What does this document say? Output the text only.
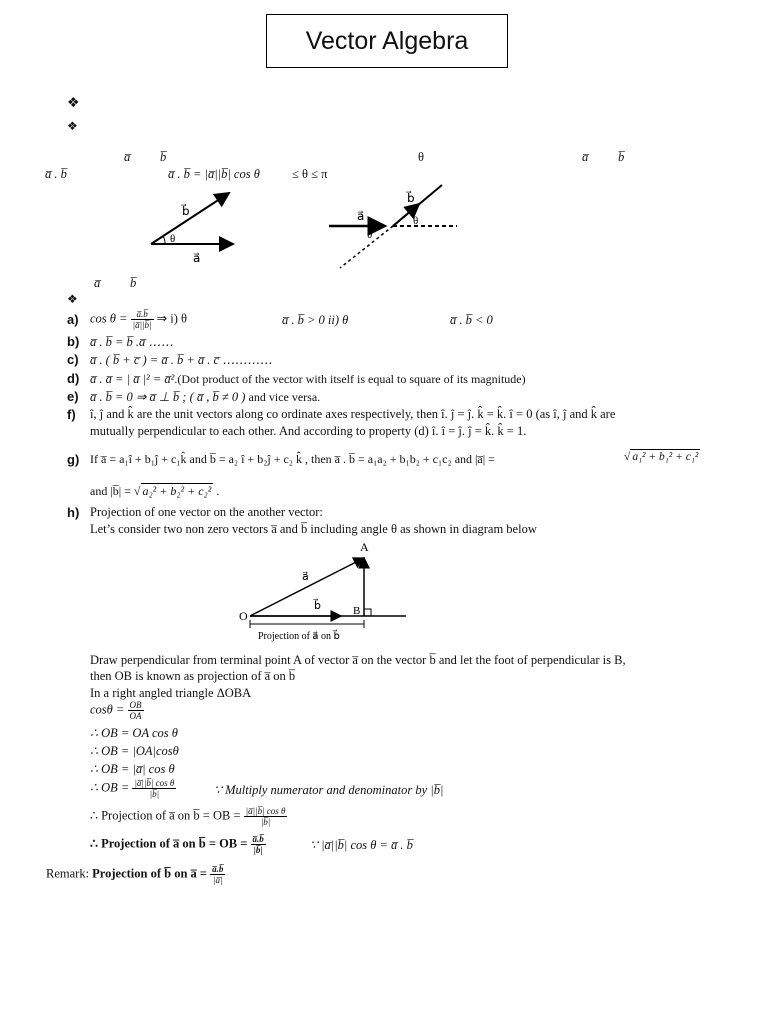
Vector Algebra
❖
❖
a̅ b̅	θ	a̅ b̅
a̅ . b̅	a̅ . b̅ = |a̅||b̅| cos θ	≤ θ ≤ π
b⃗
a⃗
θ
a⃗
b⃗
θ
θ
a̅ b̅
❖
a) $\cos \theta = \frac{a̅.b̅}{|a̅||b̅|}$ ⇒ i) θ	a̅ . b̅ > 0 ii) θ	a̅ . b̅ < 0
b) a̅ . b̅ = b̅ .a̅ ‥‥‥
c) a̅ . ( b̅ + c̅ ) = a̅ . b̅ + a̅ . c̅ ‥‥‥‥‥‥
d) a̅ . a̅ = | a̅ |² = a̅².(Dot product of the vector with itself is equal to square of its magnitude)
e) a̅ . b̅ = 0 ⇒ a̅ ⊥ b̅ ; ( a̅ , b̅ ≠ 0 ) and vice versa.
f) î, ĵ and k̂ are the unit vectors along co ordinate axes respectively, then î. ĵ = ĵ. k̂ = k̂. î = 0 (as î, ĵ and k̂ are
mutually perpendicular to each other. And according to property (d) î. î = ĵ. ĵ = k̂. k̂ = 1.
g) If a̅ = a₁î + b₁ĵ + c₁k̂ and b̅ = a₂ î + b₂ĵ + c₂ k̂ , then a̅ . b̅ = a₁a₂ + b₁b₂ + c₁c₂ and |a̅| =	√ a₁² + b₁² + c₁²
and |b̅| = √ a₂² + b₂² + c₂² .
h) Projection of one vector on the another vector:
Let’s consider two non zero vectors a̅ and b̅ including angle θ as shown in diagram below
A
O	B
a⃗
b⃗
Projection of a⃗ on b⃗
Draw perpendicular from terminal point A of vector a̅ on the vector b̅ and let the foot of perpendicular is B,
then OB is known as projection of a̅ on b̅
In a right angled triangle ΔOBA
$\cos\theta = \frac{OB}{OA}$
∴ OB = OA cos θ
∴ OB = |OA|cosθ
∴ OB = |a̅| cos θ
∴ OB = $\frac{\text{|a̅||b̅| cos θ}}{|b̅|}$	∵ Multiply numerator and denominator by |b̅|
∴ Projection of a̅ on b̅ = OB = $\frac{\text{|a̅||b̅| cos θ}}{|b̅|}$
∴ Projection of a̅ on b̅ = OB = $\frac{a̅.b̅}{|b̅|}$	∵ |a̅||b̅| cos θ = a̅ . b̅
Remark: Projection of b̅ on a̅ = $\frac{a̅.b̅}{|a̅|}$
